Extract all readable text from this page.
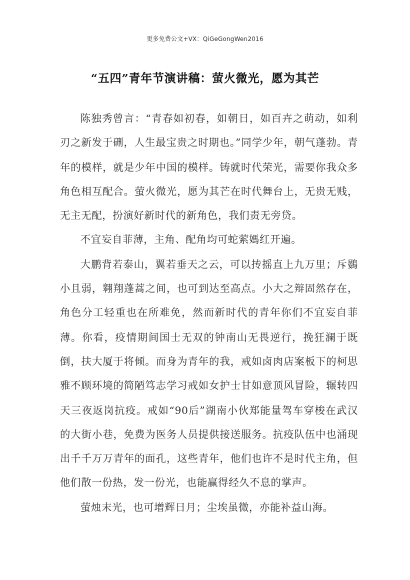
更多免费公文+VX：QiGeGongWen2016
“五四”青年节演讲稿：萤火微光，愿为其芒

陈独秀曾言：“青春如初春，如朝日，如百卉之萌动，如利刃之新发于硎，人生最宝贵之时期也。”同学少年，朝气蓬勃。青年的模样，就是少年中国的模样。铸就时代荣光，需要你我众多角色相互配合。萤火微光，愿为其芒在时代舞台上，无贵无贱，无主无配，扮演好新时代的新角色，我们责无旁贷。

不宜妄自菲薄，主角、配角均可蛇萦媽红开遍。

大鹏背若泰山，翼若垂天之云，可以抟摇直上九万里；斥鷃小且弱，翱翔蓬蒿之间，也可到达至高点。小大之辩固然存在，角色分工轻重也在所难免，然而新时代的青年你们不宜妄自菲薄。你看，疫情期间国士无双的钟南山无畏逆行，挽狂澜于既倒，扶大厦于将倾。而身为青年的我，戒如卤肉店案板下的柯思雅不顾环境的简陋笃志学习戒如女护士甘如意顶风冒险，辗转四天三夜返岗抗疫。戒如“90后”湖南小伙郑能量驾车穿梭在武汉的大街小巷，免费为医务人员提供接送服务。抗疫队伍中也涌现出千千万万青年的面孔，这些青年，他们也许不是时代主角，但他们散一份热，发一份光，也能赢得经久不息的掌声。

萤烛末光，也可增辉日月；尘埃虽微，亦能补益山海。
